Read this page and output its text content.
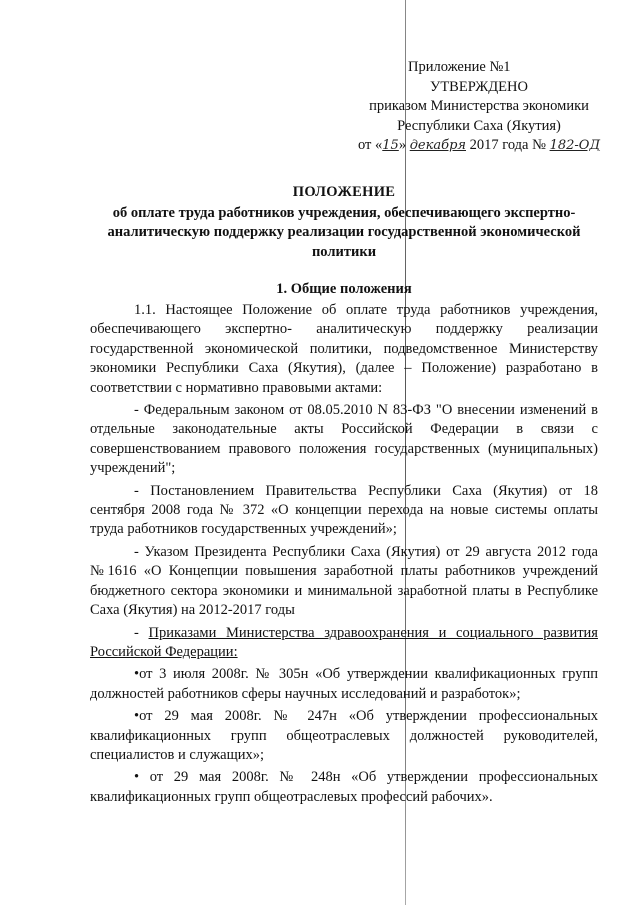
Приложение №1
УТВЕРЖДЕНО
приказом Министерства экономики
Республики Саха (Якутия)
от «15» декабря 2017 года № 182-ОД
ПОЛОЖЕНИЕ
об оплате труда работников учреждения, обеспечивающего экспертно-аналитическую поддержку реализации государственной экономической политики
1. Общие положения

1.1. Настоящее Положение об оплате труда работников учреждения, обеспечивающего экспертно- аналитическую поддержку реализации государственной экономической политики, подведомственное Министерству экономики Республики Саха (Якутия), (далее – Положение) разработано в соответствии с нормативно правовыми актами:

- Федеральным законом от 08.05.2010 N 83-ФЗ "О внесении изменений в отдельные законодательные акты Российской Федерации в связи с совершенствованием правового положения государственных (муниципальных) учреждений";

- Постановлением Правительства Республики Саха (Якутия) от 18 сентября 2008 года № 372 «О концепции перехода на новые системы оплаты труда работников государственных учреждений»;

- Указом Президента Республики Саха (Якутия) от 29 августа 2012 года №1616 «О Концепции повышения заработной платы работников учреждений бюджетного сектора экономики и минимальной заработной платы в Республике Саха (Якутия) на 2012-2017 годы

- Приказами Министерства здравоохранения и социального развития Российской Федерации:

•от 3 июля 2008г. № 305н «Об утверждении квалификационных групп должностей работников сферы научных исследований и разработок»;

•от 29 мая 2008г. № 247н «Об утверждении профессиональных квалификационных групп общеотраслевых должностей руководителей, специалистов и служащих»;

• от 29 мая 2008г. № 248н «Об утверждении профессиональных квалификационных групп общеотраслевых профессий рабочих».
